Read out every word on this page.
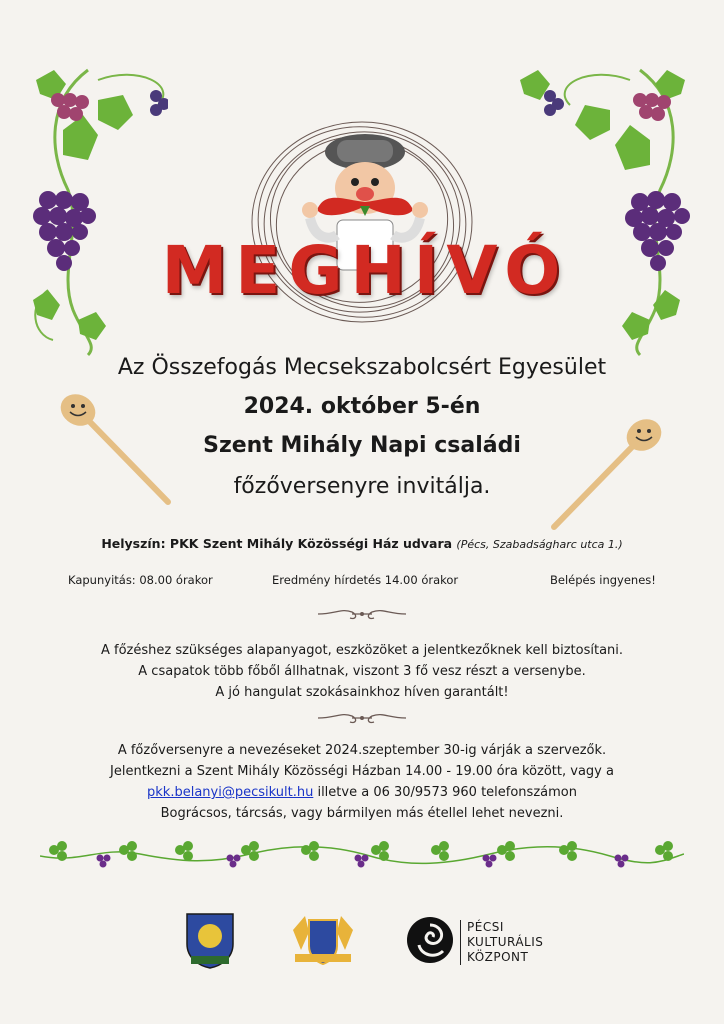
MEGHÍVÓ
Az Összefogás Mecsekszabolcsért Egyesület
2024. október 5-én
Szent Mihály Napi családi
főzőversenyre invitálja.
Helyszín: PKK Szent Mihály Közösségi Ház udvara (Pécs, Szabadságharc utca 1.)
Kapunyitás: 08.00 órakor	Eredmény hírdetés 14.00 órakor	Belépés ingyenes!
A főzéshez szükséges alapanyagot, eszközöket a jelentkezőknek kell biztosítani.
A csapatok több főből állhatnak, viszont 3 fő vesz részt a versenybe.
A jó hangulat szokásainkhoz híven garantált!
A főzőversenyre a nevezéseket 2024.szeptember 30-ig várják a szervezők.
Jelentkezni a Szent Mihály Közösségi Házban 14.00 - 19.00 óra között, vagy a
pkk.belanyi@pecsikult.hu illetve a 06 30/9573 960 telefonszámon
Bográcsos, tárcsás, vagy bármilyen más étellel lehet nevezni.
PÉCSI
KULTURÁLIS
KÖZPONT
